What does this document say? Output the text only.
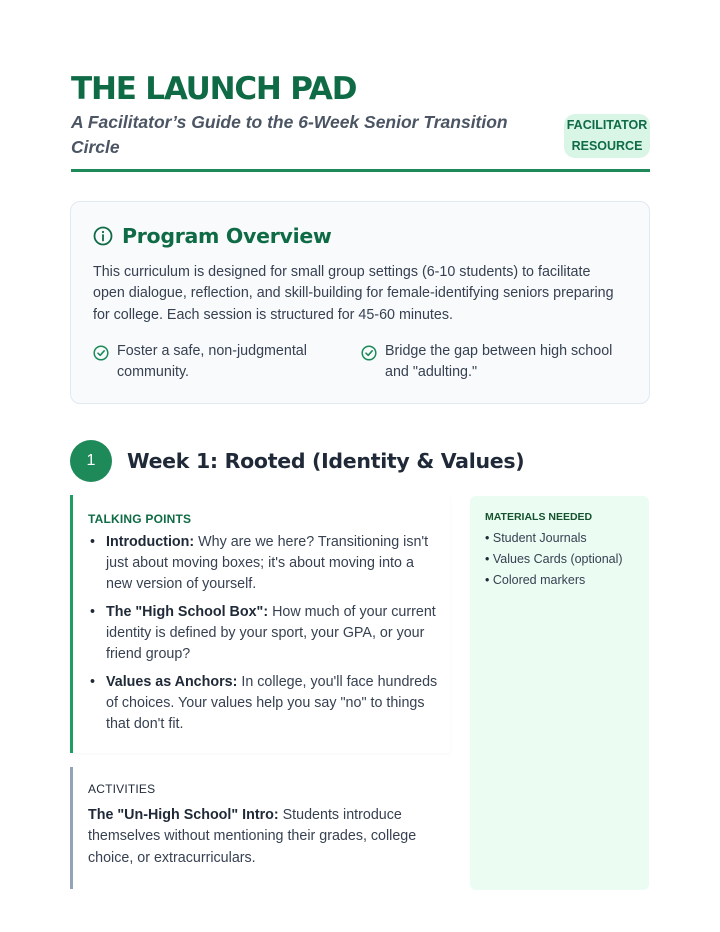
THE LAUNCH PAD
A Facilitator’s Guide to the 6-Week Senior Transition Circle
FACILITATOR RESOURCE
Program Overview

This curriculum is designed for small group settings (6-10 students) to facilitate open dialogue, reflection, and skill-building for female-identifying seniors preparing for college. Each session is structured for 45-60 minutes.

Foster a safe, non-judgmental community.
Bridge the gap between high school and "adulting."
1	Week 1: Rooted (Identity & Values)
TALKING POINTS
• Introduction: Why are we here? Transitioning isn't just about moving boxes; it's about moving into a new version of yourself.
• The "High School Box": How much of your current identity is defined by your sport, your GPA, or your friend group?
• Values as Anchors: In college, you'll face hundreds of choices. Your values help you say "no" to things that don't fit.
ACTIVITIES

The "Un-High School" Intro: Students introduce themselves without mentioning their grades, college choice, or extracurriculars.

MATERIALS NEEDED
• Student Journals
• Values Cards (optional)
• Colored markers
